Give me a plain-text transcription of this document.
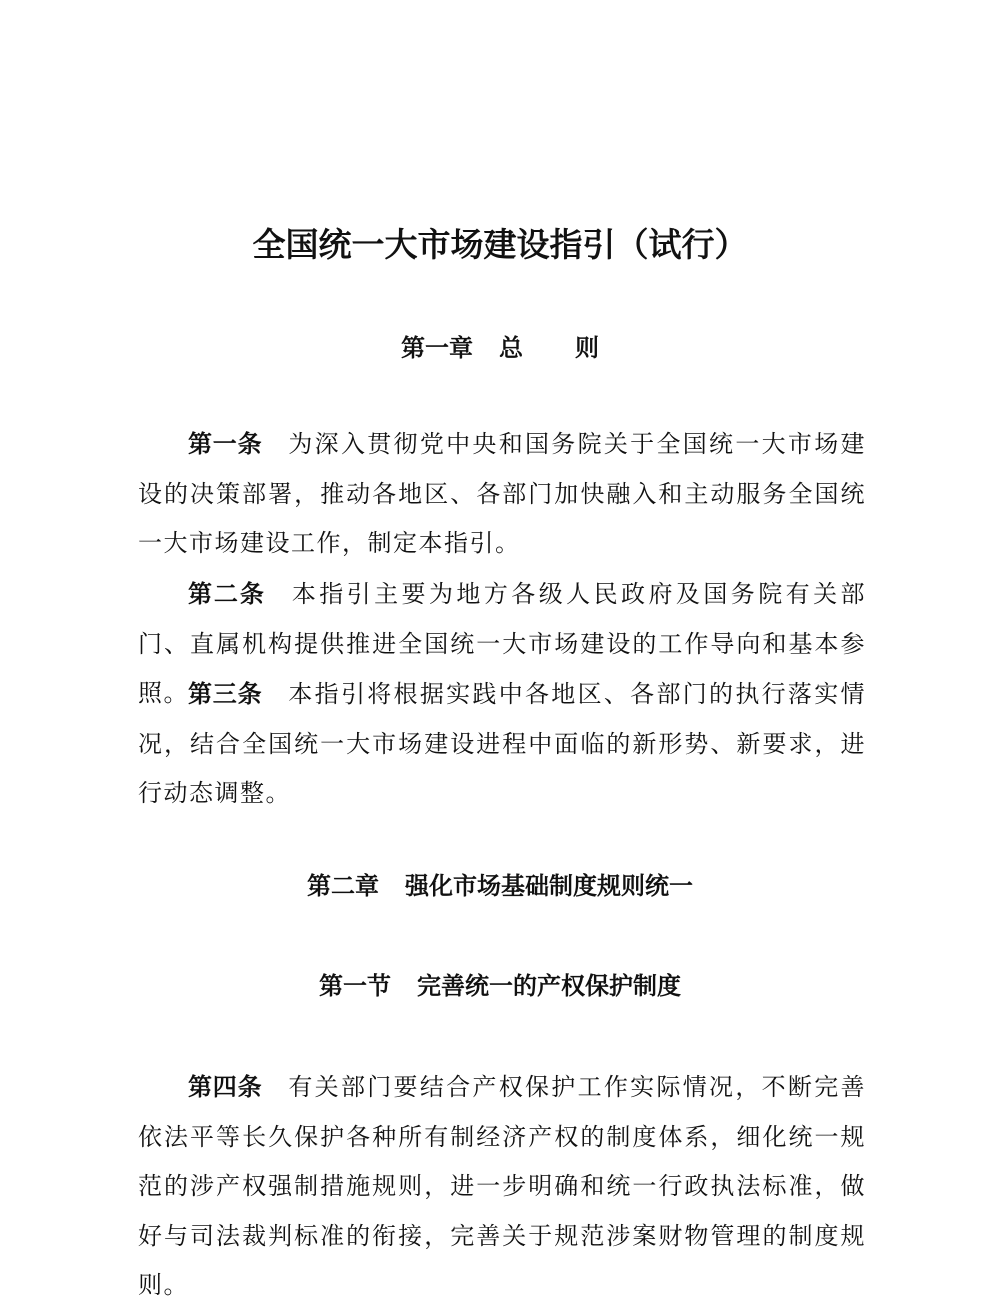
全国统一大市场建设指引（试行）
第一章 总 则

第一条 为深入贯彻党中央和国务院关于全国统一大市场建设的决策部署，推动各地区、各部门加快融入和主动服务全国统一大市场建设工作，制定本指引。

第二条 本指引主要为地方各级人民政府及国务院有关部门、直属机构提供推进全国统一大市场建设的工作导向和基本参照。 第三条 本指引将根据实践中各地区、各部门的执行落实情况，结合全国统一大市场建设进程中面临的新形势、新要求，进行动态调整。

第二章 强化市场基础制度规则统一
第一节 完善统一的产权保护制度

第四条 有关部门要结合产权保护工作实际情况，不断完善依法平等长久保护各种所有制经济产权的制度体系，细化统一规范的涉产权强制措施规则，进一步明确和统一行政执法标准，做好与司法裁判标准的衔接，完善关于规范涉案财物管理的制度规则。
